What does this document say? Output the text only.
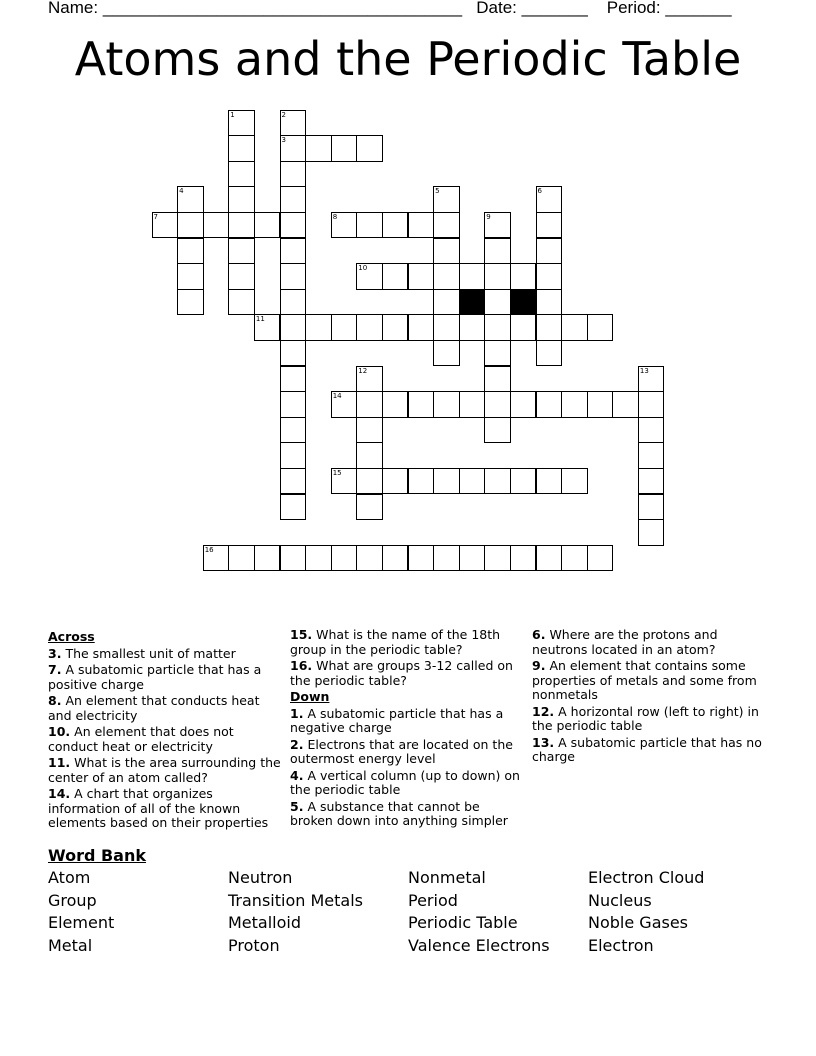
Name: ______________________________________ Date: _______ Period: _______
Atoms and the Periodic Table
1	2
3
4	5	6
7	8	9
10
11
12	13
14
15
16
Across
3. The smallest unit of matter
7. A subatomic particle that has a positive charge
8. An element that conducts heat and electricity
10. An element that does not conduct heat or electricity
11. What is the area surrounding the center of an atom called?
14. A chart that organizes information of all of the known elements based on their properties
15. What is the name of the 18th group in the periodic table?
16. What are groups 3-12 called on the periodic table?
Down
1. A subatomic particle that has a negative charge
2. Electrons that are located on the outermost energy level
4. A vertical column (up to down) on the periodic table
5. A substance that cannot be broken down into anything simpler
6. Where are the protons and neutrons located in an atom?
9. An element that contains some properties of metals and some from nonmetals
12. A horizontal row (left to right) in the periodic table
13. A subatomic particle that has no charge
Word Bank
Atom
Group
Element
Metal
Neutron
Transition Metals
Metalloid
Proton
Nonmetal
Period
Periodic Table
Valence Electrons
Electron Cloud
Nucleus
Noble Gases
Electron
